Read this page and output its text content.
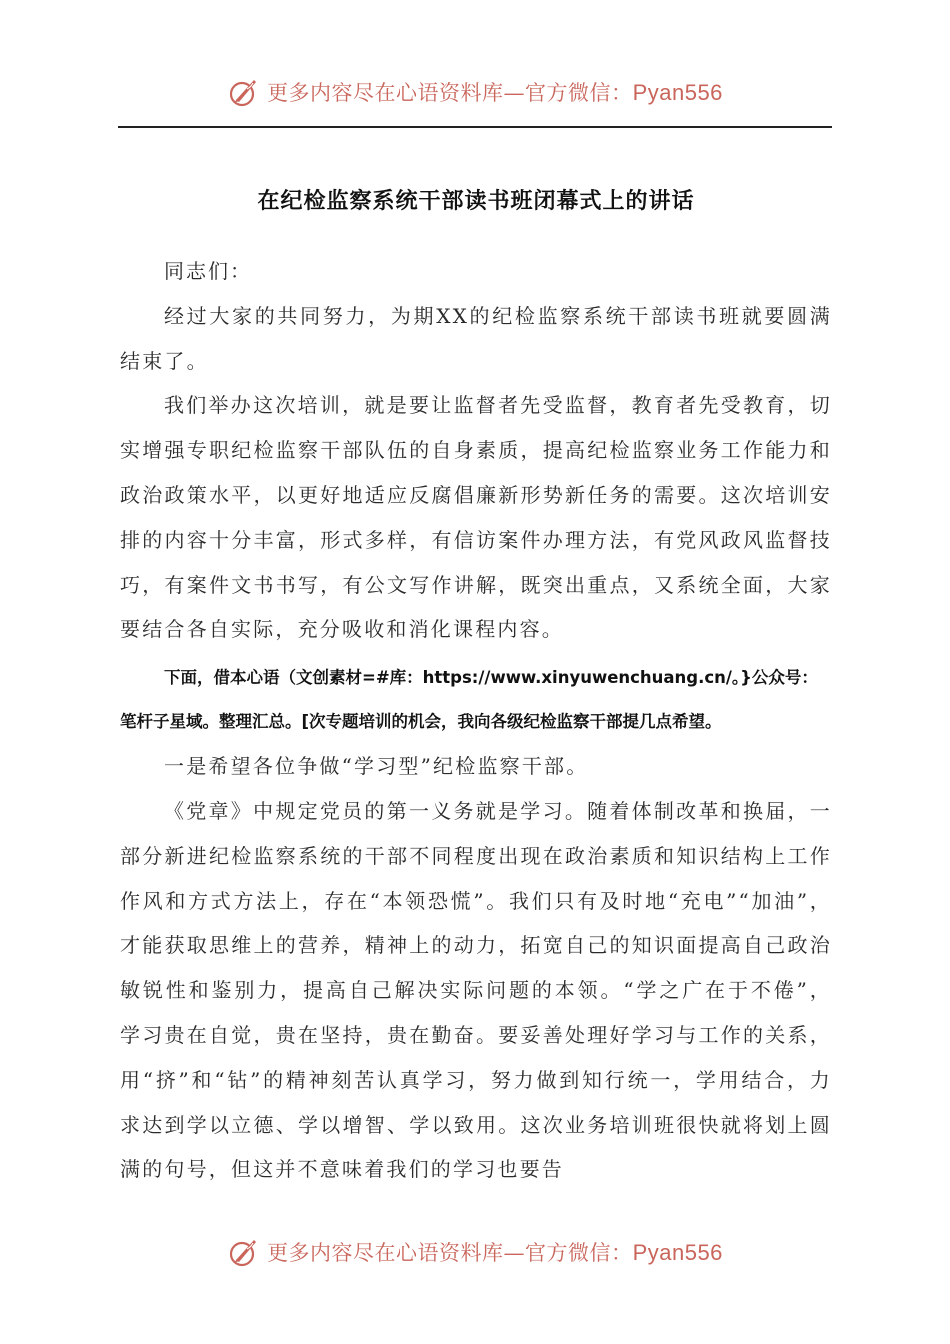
更多内容尽在心语资料库—官方微信：Pyan556
在纪检监察系统干部读书班闭幕式上的讲话

同志们：

经过大家的共同努力，为期XX的纪检监察系统干部读书班就要圆满结束了。

我们举办这次培训，就是要让监督者先受监督，教育者先受教育，切实增强专职纪检监察干部队伍的自身素质，提高纪检监察业务工作能力和政治政策水平，以更好地适应反腐倡廉新形势新任务的需要。这次培训安排的内容十分丰富，形式多样，有信访案件办理方法，有党风政风监督技巧，有案件文书书写，有公文写作讲解，既突出重点，又系统全面，大家要结合各自实际，充分吸收和消化课程内容。

下面，借本心语（文创素材=#库：https://www.xinyuwenchuang.cn/。}公众号：笔杆子星域。整理汇总。[次专题培训的机会，我向各级纪检监察干部提几点希望。

一是希望各位争做“学习型”纪检监察干部。

《党章》中规定党员的第一义务就是学习。随着体制改革和换届，一部分新进纪检监察系统的干部不同程度出现在政治素质和知识结构上工作作风和方式方法上，存在“本领恐慌”。我们只有及时地“充电”“加油”，才能获取思维上的营养，精神上的动力，拓宽自己的知识面提高自己政治敏锐性和鉴别力，提高自己解决实际问题的本领。“学之广在于不倦”，学习贵在自觉，贵在坚持，贵在勤奋。要妥善处理好学习与工作的关系，用“挤”和“钻”的精神刻苦认真学习，努力做到知行统一，学用结合，力求达到学以立德、学以增智、学以致用。这次业务培训班很快就将划上圆满的句号，但这并不意味着我们的学习也要告

更多内容尽在心语资料库—官方微信：Pyan556
